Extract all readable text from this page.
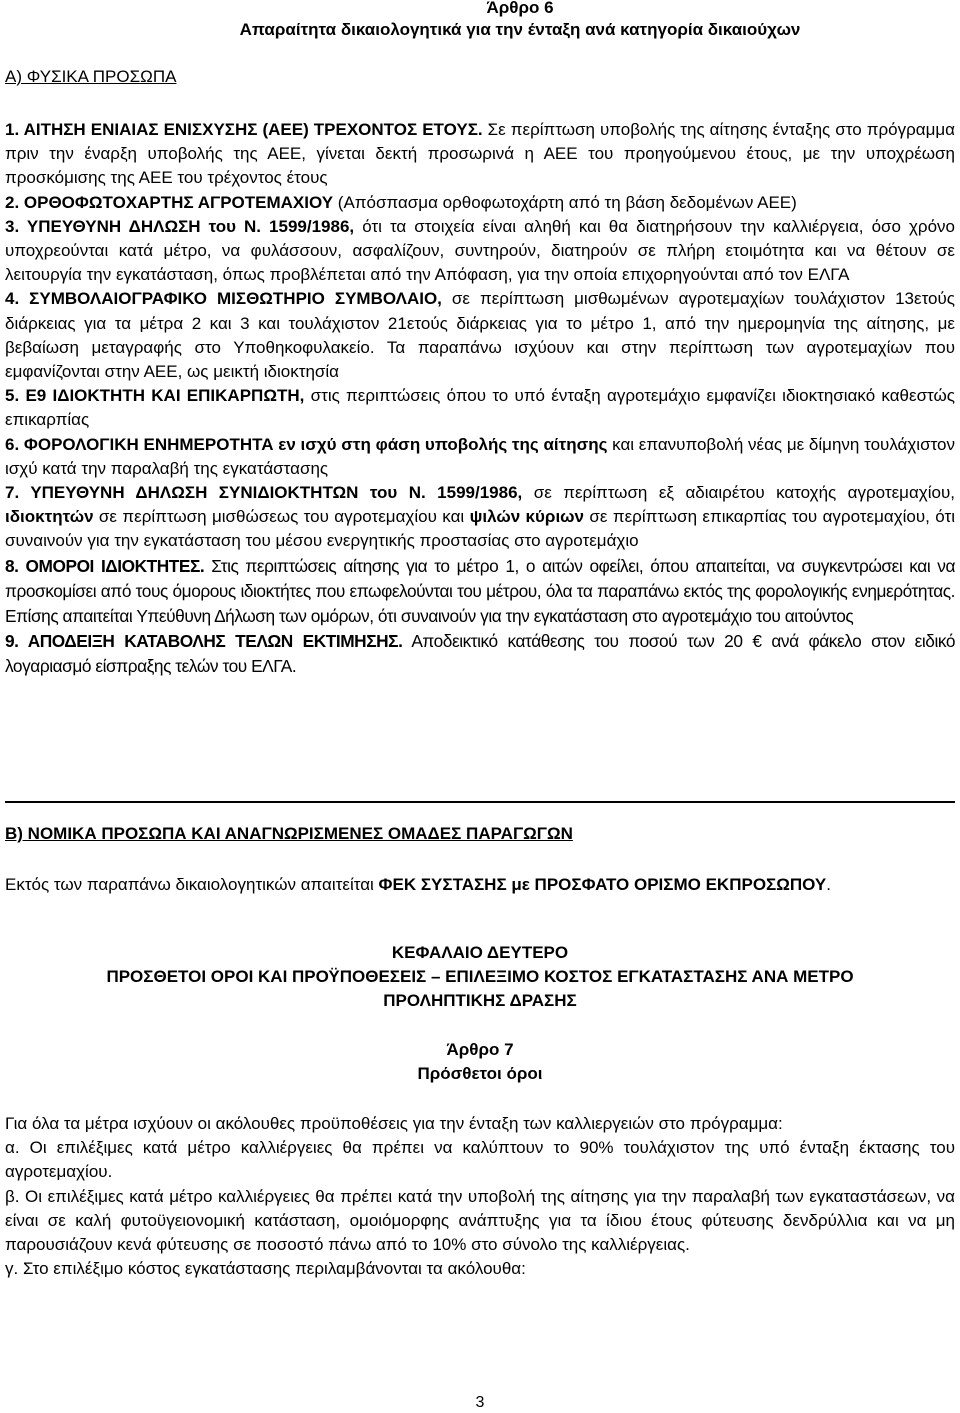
Άρθρο 6

Απαραίτητα δικαιολογητικά για την ένταξη ανά κατηγορία δικαιούχων

Α) ΦΥΣΙΚΑ ΠΡΟΣΩΠΑ

1. ΑΙΤΗΣΗ ΕΝΙΑΙΑΣ ΕΝΙΣΧΥΣΗΣ (ΑΕΕ) ΤΡΕΧΟΝΤΟΣ ΕΤΟΥΣ. Σε περίπτωση υποβολής της αίτησης ένταξης στο πρόγραμμα πριν την έναρξη υποβολής της ΑΕΕ, γίνεται δεκτή προσωρινά η ΑΕΕ του προηγούμενου έτους, με την υποχρέωση προσκόμισης της ΑΕΕ του τρέχοντος έτους

2. ΟΡΘΟΦΩΤΟΧΑΡΤΗΣ ΑΓΡΟΤΕΜΑΧΙΟΥ (Απόσπασμα ορθοφωτοχάρτη από τη βάση δεδομένων ΑΕΕ)

3. ΥΠΕΥΘΥΝΗ ΔΗΛΩΣΗ του Ν. 1599/1986, ότι τα στοιχεία είναι αληθή και θα διατηρήσουν την καλλιέργεια, όσο χρόνο υποχρεούνται κατά μέτρο, να φυλάσσουν, ασφαλίζουν, συντηρούν, διατηρούν σε πλήρη ετοιμότητα και να θέτουν σε λειτουργία την εγκατάσταση, όπως προβλέπεται από την Απόφαση, για την οποία επιχορηγούνται από τον ΕΛΓΑ

4. ΣΥΜΒΟΛΑΙΟΓΡΑΦΙΚΟ ΜΙΣΘΩΤΗΡΙΟ ΣΥΜΒΟΛΑΙΟ, σε περίπτωση μισθωμένων αγροτεμαχίων τουλάχιστον 13ετούς διάρκειας για τα μέτρα 2 και 3 και τουλάχιστον 21ετούς διάρκειας για το μέτρο 1, από την ημερομηνία της αίτησης, με βεβαίωση μεταγραφής στο Υποθηκοφυλακείο. Τα παραπάνω ισχύουν και στην περίπτωση των αγροτεμαχίων που εμφανίζονται στην ΑΕΕ, ως μεικτή ιδιοκτησία

5. Ε9 ΙΔΙΟΚΤΗΤΗ ΚΑΙ ΕΠΙΚΑΡΠΩΤΗ, στις περιπτώσεις όπου το υπό ένταξη αγροτεμάχιο εμφανίζει ιδιοκτησιακό καθεστώς επικαρπίας

6. ΦΟΡΟΛΟΓΙΚΗ ΕΝΗΜΕΡΟΤΗΤΑ εν ισχύ στη φάση υποβολής της αίτησης και επανυποβολή νέας με δίμηνη τουλάχιστον ισχύ κατά την παραλαβή της εγκατάστασης

7. ΥΠΕΥΘΥΝΗ ΔΗΛΩΣΗ ΣΥΝΙΔΙΟΚΤΗΤΩΝ του Ν. 1599/1986, σε περίπτωση εξ αδιαιρέτου κατοχής αγροτεμαχίου, ιδιοκτητών σε περίπτωση μισθώσεως του αγροτεμαχίου και ψιλών κύριων σε περίπτωση επικαρπίας του αγροτεμαχίου, ότι συναινούν για την εγκατάσταση του μέσου ενεργητικής προστασίας στο αγροτεμάχιο

8. ΟΜΟΡΟΙ ΙΔΙΟΚΤΗΤΕΣ. Στις περιπτώσεις αίτησης για το μέτρο 1, ο αιτών οφείλει, όπου απαιτείται, να συγκεντρώσει και να προσκομίσει από τους όμορους ιδιοκτήτες που επωφελούνται του μέτρου, όλα τα παραπάνω εκτός της φορολογικής ενημερότητας. Επίσης απαιτείται Υπεύθυνη Δήλωση των ομόρων, ότι συναινούν για την εγκατάσταση στο αγροτεμάχιο του αιτούντος

9. ΑΠΟΔΕΙΞΗ ΚΑΤΑΒΟΛΗΣ ΤΕΛΩΝ ΕΚΤΙΜΗΣΗΣ. Αποδεικτικό κατάθεσης του ποσού των 20 € ανά φάκελο στον ειδικό λογαριασμό είσπραξης τελών του ΕΛΓΑ.

Β) ΝΟΜΙΚΑ ΠΡΟΣΩΠΑ ΚΑΙ ΑΝΑΓΝΩΡΙΣΜΕΝΕΣ ΟΜΑΔΕΣ ΠΑΡΑΓΩΓΩΝ

Εκτός των παραπάνω δικαιολογητικών απαιτείται ΦΕΚ ΣΥΣΤΑΣΗΣ με ΠΡΟΣΦΑΤΟ ΟΡΙΣΜΟ ΕΚΠΡΟΣΩΠΟΥ.

ΚΕΦΑΛΑΙΟ ΔΕΥΤΕΡΟ

ΠΡΟΣΘΕΤΟΙ ΟΡΟΙ ΚΑΙ ΠΡΟΫΠΟΘΕΣΕΙΣ – ΕΠΙΛΕΞΙΜΟ ΚΟΣΤΟΣ ΕΓΚΑΤΑΣΤΑΣΗΣ ΑΝΑ ΜΕΤΡΟ

ΠΡΟΛΗΠΤΙΚΗΣ ΔΡΑΣΗΣ

Άρθρο 7

Πρόσθετοι όροι

Για όλα τα μέτρα ισχύουν οι ακόλουθες προϋποθέσεις για την ένταξη των καλλιεργειών στο πρόγραμμα:

α. Οι επιλέξιμες κατά μέτρο καλλιέργειες θα πρέπει να καλύπτουν το 90% τουλάχιστον της υπό ένταξη έκτασης του αγροτεμαχίου.

β. Οι επιλέξιμες κατά μέτρο καλλιέργειες θα πρέπει κατά την υποβολή της αίτησης για την παραλαβή των εγκαταστάσεων, να είναι σε καλή φυτοϋγειονομική κατάσταση, ομοιόμορφης ανάπτυξης για τα ίδιου έτους φύτευσης δενδρύλλια και να μη παρουσιάζουν κενά φύτευσης σε ποσοστό πάνω από το 10% στο σύνολο της καλλιέργειας.

γ. Στο επιλέξιμο κόστος εγκατάστασης περιλαμβάνονται τα ακόλουθα:

3
